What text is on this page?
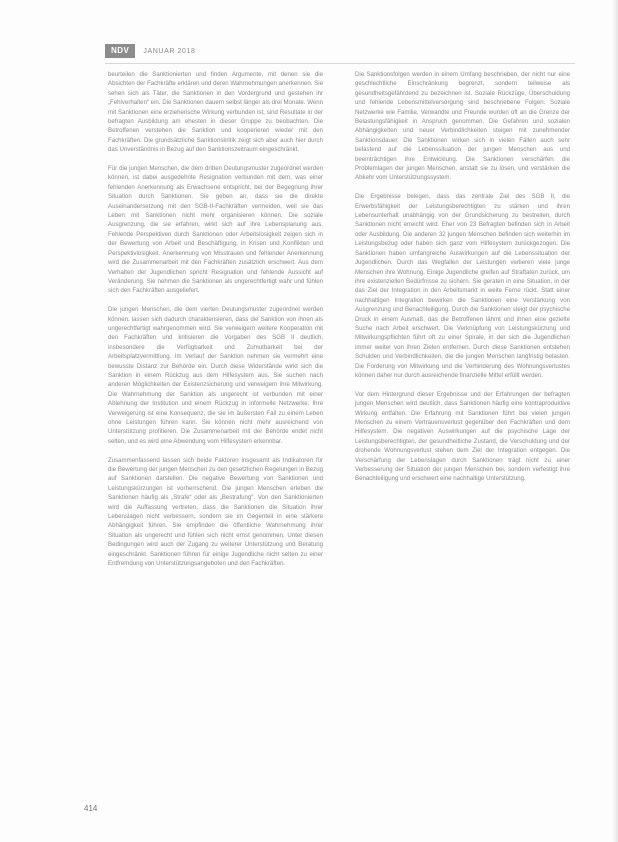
NDV	JANUAR 2018

beurteilen die Sanktionierten und finden Argumente, mit denen sie die Absichten der Fachkräfte erklären und deren Wahrnehmungen anerkennen. Sie sehen sich als Täter, die Sanktionen in den Vordergrund und gestehen ihr „Fehlverhalten“ ein. Die Sanktionen dauern selbst länger als drei Monate. Wenn mit Sanktionen eine erzieherische Wirkung verbunden ist, sind Resultate in der befragten Ausbildung am ehesten in dieser Gruppe zu beobachten. Die Betroffenen verstehen die Sanktion und kooperieren wieder mit den Fachkräften. Die grundsätzliche Sanktionskritik zeigt sich aber auch hier durch das Unverständnis in Bezug auf den Sanktionszeitraum eingeschränkt.

Für die jungen Menschen, die dem dritten Deutungsmuster zugeordnet werden können, ist dabei ausgedehnte Resignation verbunden mit dem, was einer fehlenden Anerkennung als Erwachsene entspricht, bei der Begegnung ihrer Situation durch Sanktionen. Sie geben an, dass sie die direkte Auseinandersetzung mit den SGB-II-Fachkräften vermeiden, weil sie das Leben mit Sanktionen nicht mehr organisieren können. Die soziale Ausgrenzung, die sie erfahren, wirkt sich auf ihre Lebensplanung aus. Fehlende Perspektiven durch Sanktionen oder Arbeitslosigkeit zeigen sich in der Bewertung von Arbeit und Beschäftigung, in Krisen und Konflikten und Perspektivlosigkeit. Anerkennung von Misstrauen und fehlender Anerkennung wird die Zusammenarbeit mit den Fachkräften zusätzlich erschwert. Aus dem Verhalten der Jugendlichen spricht Resignation und fehlende Aussicht auf Veränderung. Sie nehmen die Sanktionen als ungerechtfertigt wahr und fühlen sich den Fachkräften ausgeliefert.

Die jungen Menschen, die dem vierten Deutungsmuster zugeordnet werden können, lassen sich dadurch charakterisieren, dass die Sanktion von ihnen als ungerechtfertigt wahrgenommen wird. Sie verweigern weitere Kooperation mit den Fachkräften und kritisieren die Vorgaben des SGB II deutlich, insbesondere die Verfügbarkeit und Zumutbarkeit bei der Arbeitsplatzvermittlung. Im Verlauf der Sanktion nehmen sie vermehrt eine bewusste Distanz zur Behörde ein. Durch diese Widerstände wirkt sich die Sanktion in einem Rückzug aus dem Hilfesystem aus. Sie suchen nach anderen Möglichkeiten der Existenzsicherung und verweigern ihre Mitwirkung. Die Wahrnehmung der Sanktion als ungerecht ist verbunden mit einer Ablehnung der Institution und einem Rückzug in informelle Netzwerke. Ihre Verweigerung ist eine Konsequenz, die sie im äußersten Fall zu einem Leben ohne Leistungen führen kann. Sie können nicht mehr ausreichend von Unterstützung profitieren. Die Zusammenarbeit mit der Behörde endet nicht selten, und es wird eine Abwendung vom Hilfesystem erkennbar.

Zusammenfassend lassen sich beide Faktoren insgesamt als Indikatoren für die Bewertung der jungen Menschen zu den gesetzlichen Regelungen in Bezug auf Sanktionen darstellen. Die negative Bewertung von Sanktionen und Leistungskürzungen ist vorherrschend. Die jungen Menschen erleben die Sanktionen häufig als „Strafe“ oder als „Bestrafung“. Von den Sanktionierten wird die Auffassung vertreten, dass die Sanktionen die Situation ihrer Lebenslagen nicht verbessern, sondern sie im Gegenteil in eine stärkere Abhängigkeit führen. Sie empfinden die öffentliche Wahrnehmung ihrer Situation als ungerecht und fühlen sich nicht ernst genommen. Unter diesen Bedingungen wird auch der Zugang zu weiterer Unterstützung und Beratung eingeschränkt. Sanktionen führen für einige Jugendliche nicht selten zu einer Entfremdung von Unterstützungsangeboten und den Fachkräften.

Die Sanktionsfolgen werden in einem Umfang beschrieben, der nicht nur eine geschlechtliche Einschränkung begrenzt, sondern teilweise als gesundheitsgefährdend zu bezeichnen ist. Soziale Rückzüge, Überschuldung und fehlende Lebensmittelversorgung sind beschriebene Folgen. Soziale Netzwerke wie Familie, Verwandte und Freunde wurden oft an die Grenze der Belastungsfähigkeit in Anspruch genommen. Die Gefahren und sozialen Abhängigkeiten und neuer Verbindlichkeiten steigen mit zunehmender Sanktionsdauer. Die Sanktionen wirken sich in vielen Fällen auch sehr belastend auf die Lebenssituation der jungen Menschen aus und beeinträchtigen ihre Entwicklung. Die Sanktionen verschärfen die Problemlagen der jungen Menschen, anstatt sie zu lösen, und verstärken die Abkehr vom Unterstützungssystem.

Die Ergebnisse belegen, dass das zentrale Ziel des SGB II, die Erwerbsfähigkeit der Leistungsberechtigten zu stärken und ihren Lebensunterhalt unabhängig von der Grundsicherung zu bestreiten, durch Sanktionen nicht erreicht wird. Eher von 23 Befragten befinden sich in Arbeit oder Ausbildung. Die anderen 32 jungen Menschen befinden sich weiterhin im Leistungsbezug oder haben sich ganz vom Hilfesystem zurückgezogen. Die Sanktionen haben umfangreiche Auswirkungen auf die Lebenssituation der Jugendlichen. Durch das Wegfallen der Leistungen verlieren viele junge Menschen ihre Wohnung. Einige Jugendliche greifen auf Straftaten zurück, um ihre existenziellen Bedürfnisse zu sichern. Sie geraten in eine Situation, in der das Ziel der Integration in den Arbeitsmarkt in weite Ferne rückt. Statt einer nachhaltigen Integration bewirken die Sanktionen eine Verstärkung von Ausgrenzung und Benachteiligung. Durch die Sanktionen steigt der psychische Druck in einem Ausmaß, das die Betroffenen lähmt und ihnen eine gezielte Suche nach Arbeit erschwert. Die Verknüpfung von Leistungskürzung und Mitwirkungspflichten führt oft zu einer Spirale, in der sich die Jugendlichen immer weiter von ihren Zielen entfernen. Durch diese Sanktionen entstehen Schulden und Verbindlichkeiten, die die jungen Menschen langfristig belasten. Die Forderung von Mitwirkung und die Verhinderung des Wohnungsverlustes können daher nur durch ausreichende finanzielle Mittel erfüllt werden.

Vor dem Hintergrund dieser Ergebnisse und der Erfahrungen der befragten jungen Menschen wird deutlich, dass Sanktionen häufig eine kontraproduktive Wirkung entfalten. Die Erfahrung mit Sanktionen führt bei vielen jungen Menschen zu einem Vertrauensverlust gegenüber den Fachkräften und dem Hilfesystem. Die negativen Auswirkungen auf die psychische Lage der Leistungsberechtigten, der gesundheitliche Zustand, die Verschuldung und der drohende Wohnungsverlust stehen dem Ziel der Integration entgegen. Die Verschärfung der Lebenslagen durch Sanktionen trägt nicht zu einer Verbesserung der Situation der jungen Menschen bei, sondern verfestigt ihre Benachteiligung und erschwert eine nachhaltige Unterstützung.

414
